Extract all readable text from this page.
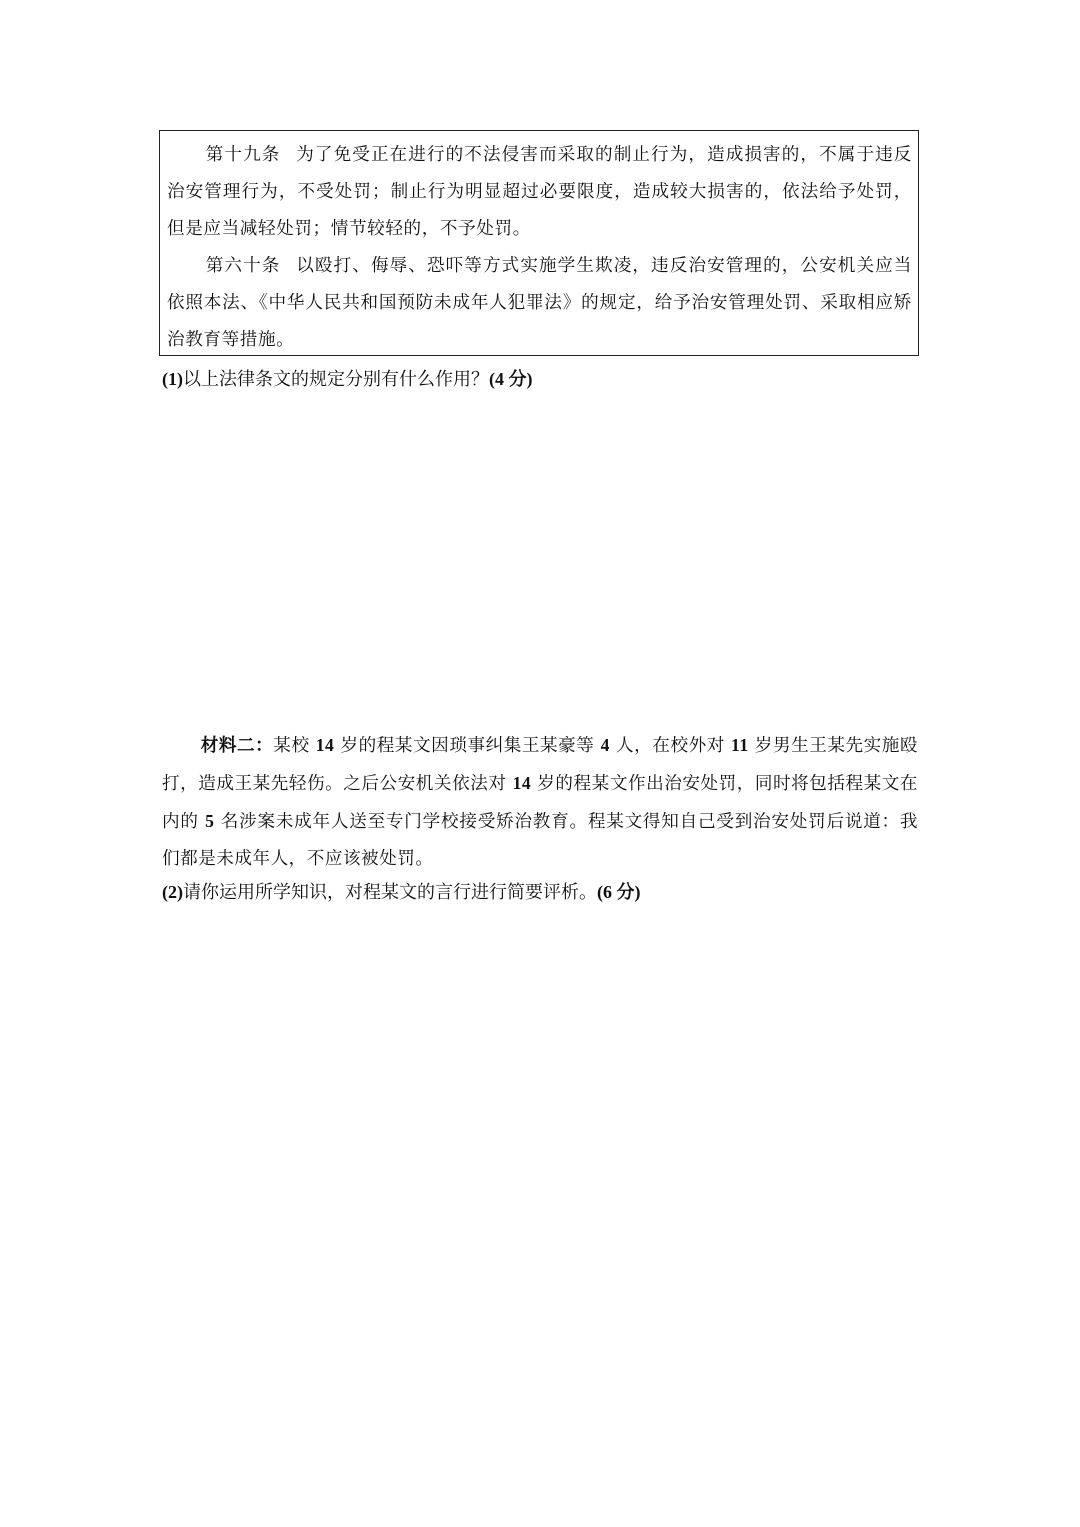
第十九条 为了免受正在进行的不法侵害而采取的制止行为，造成损害的，不属于违反治安管理行为，不受处罚；制止行为明显超过必要限度，造成较大损害的，依法给予处罚，但是应当减轻处罚；情节较轻的，不予处罚。

第六十条 以殴打、侮辱、恐吓等方式实施学生欺凌，违反治安管理的，公安机关应当依照本法、《中华人民共和国预防未成年人犯罪法》的规定，给予治安管理处罚、采取相应矫治教育等措施。

(1)以上法律条文的规定分别有什么作用？(4 分)

材料二：某校 14 岁的程某文因琐事纠集王某豪等 4 人，在校外对 11 岁男生王某先实施殴打，造成王某先轻伤。之后公安机关依法对 14 岁的程某文作出治安处罚，同时将包括程某文在内的 5 名涉案未成年人送至专门学校接受矫治教育。程某文得知自己受到治安处罚后说道：我们都是未成年人，不应该被处罚。

(2)请你运用所学知识，对程某文的言行进行简要评析。(6 分)
